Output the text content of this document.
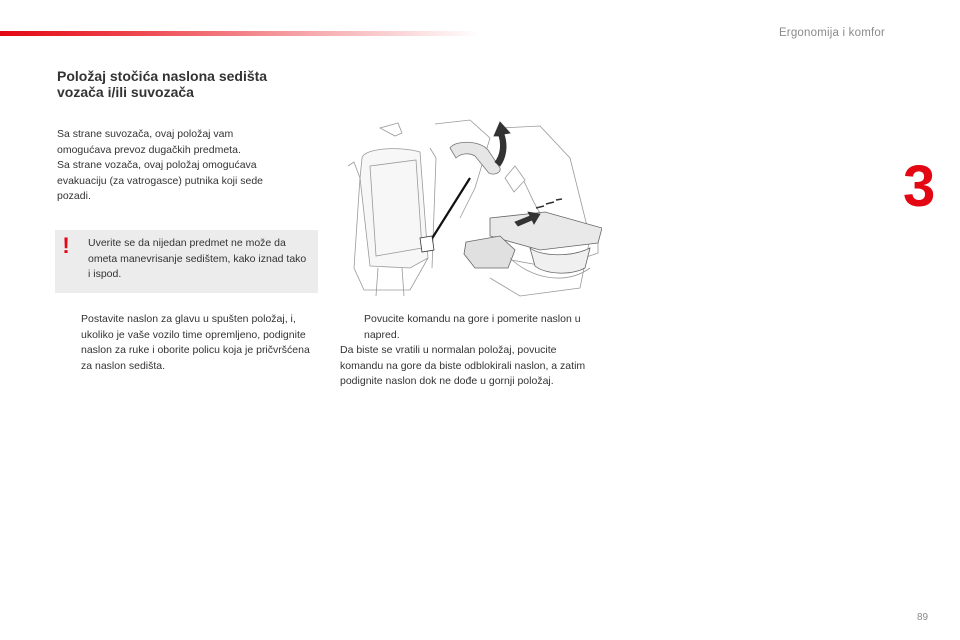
Ergonomija i komfor
3
Položaj stočića naslona sedišta
vozača i/ili suvozača
Sa strane suvozača, ovaj položaj vam
omogućava prevoz dugačkih predmeta.
Sa strane vozača, ovaj položaj omogućava
evakuaciju (za vatrogasce) putnika koji sede
pozadi.
!	Uverite se da nijedan predmet ne može da ometa manevrisanje sedištem, kako iznad tako i ispod.
Postavite naslon za glavu u spušten položaj, i, ukoliko je vaše vozilo time opremljeno, podignite naslon za ruke i oborite policu koja je pričvršćena za naslon sedišta.
Povucite komandu na gore i pomerite naslon u napred.
Da biste se vratili u normalan položaj, povucite komandu na gore da biste odblokirali naslon, a zatim podignite naslon dok ne dođe u gornji položaj.
89
